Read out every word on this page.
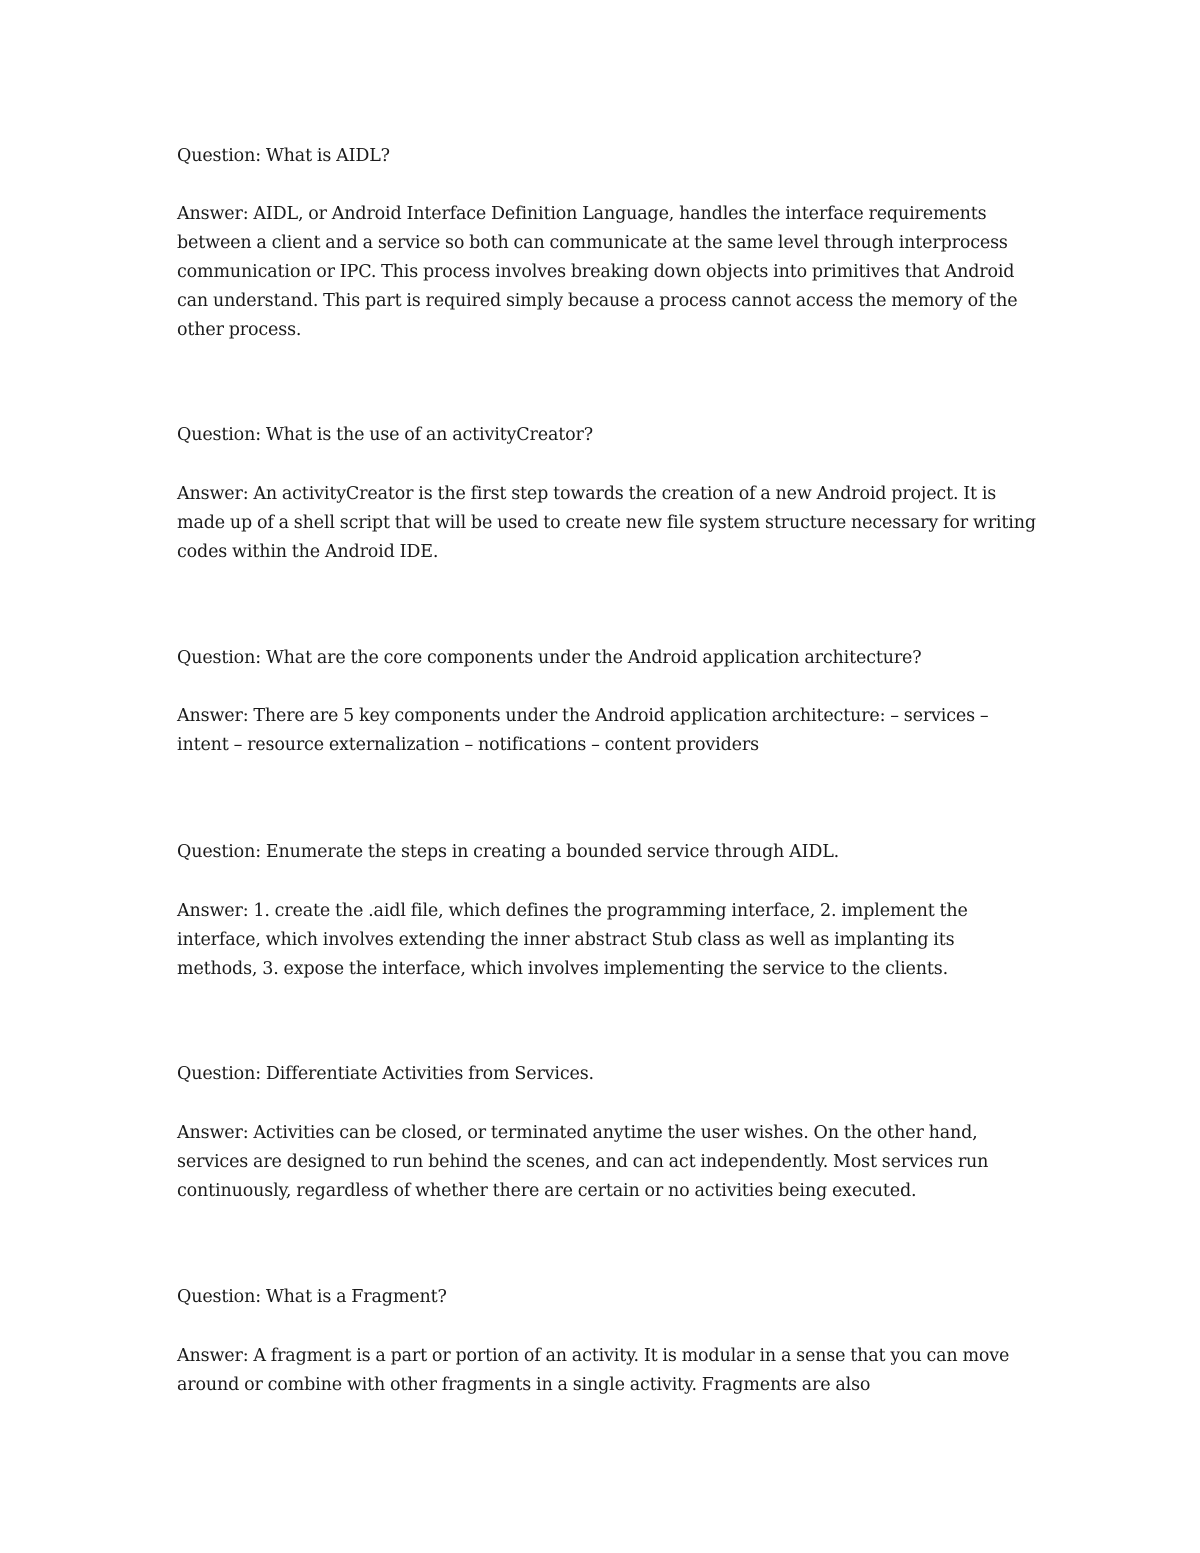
Question: What is AIDL?

Answer: AIDL, or Android Interface Definition Language, handles the interface requirements between a client and a service so both can communicate at the same level through interprocess communication or IPC. This process involves breaking down objects into primitives that Android can understand. This part is required simply because a process cannot access the memory of the other process.

Question: What is the use of an activityCreator?

Answer: An activityCreator is the first step towards the creation of a new Android project. It is made up of a shell script that will be used to create new file system structure necessary for writing codes within the Android IDE.

Question: What are the core components under the Android application architecture?

Answer: There are 5 key components under the Android application architecture: – services – intent – resource externalization – notifications – content providers

Question: Enumerate the steps in creating a bounded service through AIDL.

Answer: 1. create the .aidl file, which defines the programming interface, 2. implement the interface, which involves extending the inner abstract Stub class as well as implanting its methods, 3. expose the interface, which involves implementing the service to the clients.

Question: Differentiate Activities from Services.

Answer: Activities can be closed, or terminated anytime the user wishes. On the other hand, services are designed to run behind the scenes, and can act independently. Most services run continuously, regardless of whether there are certain or no activities being executed.

Question: What is a Fragment?

Answer: A fragment is a part or portion of an activity. It is modular in a sense that you can move around or combine with other fragments in a single activity. Fragments are also
